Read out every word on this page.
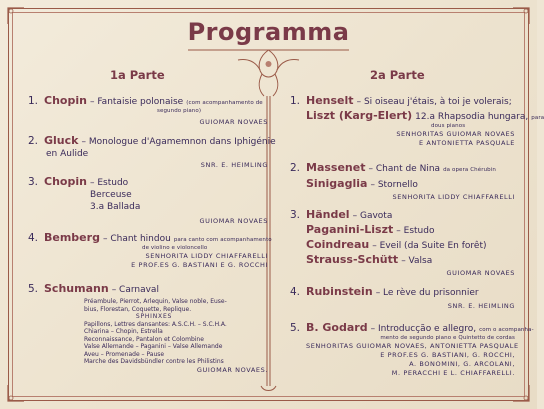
Programma
1a Parte	2a Parte
1. Chopin – Fantaisie polonaise (com acompanhamento de
segundo piano)
GUIOMAR NOVAES
2. Gluck – Monologue d'Agamemnon dans Iphigénie
en Aulide
SNR. E. HEIMLING
3. Chopin – Estudo
Berceuse
3.a Ballada
GUIOMAR NOVAES
4. Bemberg – Chant hindou para canto com acompanhamento
de violino e violoncello
SENHORITA LIDDY CHIAFFARELLI
E PROF.ES G. BASTIANI E G. ROCCHI
5. Schumann – Carnaval
Préambule, Pierrot, Arlequin, Valse noble, Euse-
bius, Florestan, Coquette, Replique.
SPHINXES
Papillons, Lettres dansantes: A.S.C.H. – S.C.H.A.
Chiarina – Chopin, Estrella
Reconnaissance, Pantalon et Colombine
Valse Allemande – Paganini – Valse Allemande
Aveu – Promenade – Pause
Marche des Davidsbündler contre les Philistins
GUIOMAR NOVAES.
1. Henselt – Si oiseau j'étais, à toi je volerais;
Liszt (Karg-Elert) 12.a Rhapsodia hungara, para
dous pianos
SENHORITAS GUIOMAR NOVAES
E ANTONIETTA PASQUALE
2. Massenet – Chant de Nina da opera Chérubin
Sinigaglia – Stornello
SENHORITA LIDDY CHIAFFARELLI
3. Händel – Gavota
Paganini-Liszt – Estudo
Coindreau – Eveil (da Suite En forêt)
Strauss-Schütt – Valsa
GUIOMAR NOVAES
4. Rubinstein – Le rève du prisonnier
SNR. E. HEIMLING
5. B. Godard – Introducção e allegro, com o acompanha-
mento de segundo piano e Quintetto de cordas
SENHORITAS GUIOMAR NOVAES, ANTONIETTA PASQUALE
E PROF.ES G. BASTIANI, G. ROCCHI,
A. BONOMINI, G. ARCOLANI,
M. PERACCHI E L. CHIAFFARELLI.
